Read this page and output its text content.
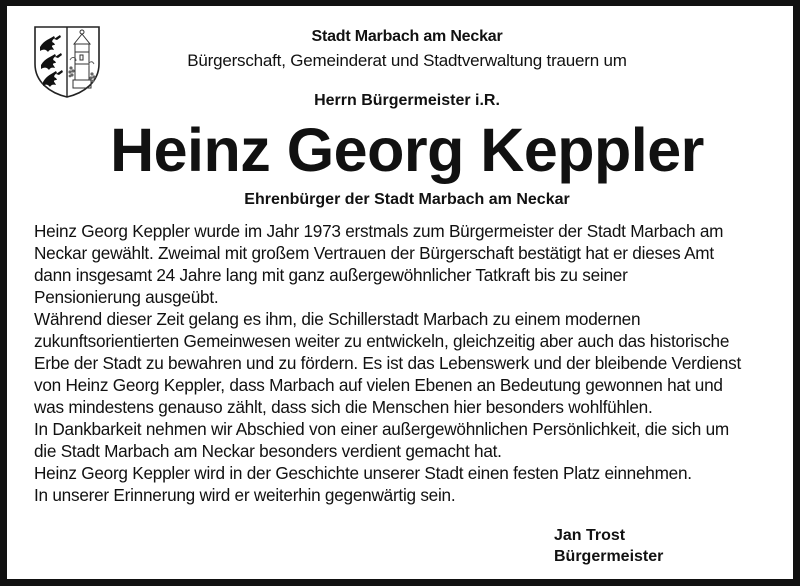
Stadt Marbach am Neckar
Bürgerschaft, Gemeinderat und Stadtverwaltung trauern um
Herrn Bürgermeister i.R.
Heinz Georg Keppler
Ehrenbürger der Stadt Marbach am Neckar

Heinz Georg Keppler wurde im Jahr 1973 erstmals zum Bürgermeister der Stadt Marbach am
Neckar gewählt. Zweimal mit großem Vertrauen der Bürgerschaft bestätigt hat er dieses Amt
dann insgesamt 24 Jahre lang mit ganz außergewöhnlicher Tatkraft bis zu seiner
Pensionierung ausgeübt.

Während dieser Zeit gelang es ihm, die Schillerstadt Marbach zu einem modernen
zukunftsorientierten Gemeinwesen weiter zu entwickeln, gleichzeitig aber auch das historische
Erbe der Stadt zu bewahren und zu fördern. Es ist das Lebenswerk und der bleibende Verdienst
von Heinz Georg Keppler, dass Marbach auf vielen Ebenen an Bedeutung gewonnen hat und
was mindestens genauso zählt, dass sich die Menschen hier besonders wohlfühlen.

In Dankbarkeit nehmen wir Abschied von einer außergewöhnlichen Persönlichkeit, die sich um
die Stadt Marbach am Neckar besonders verdient gemacht hat.

Heinz Georg Keppler wird in der Geschichte unserer Stadt einen festen Platz einnehmen.
In unserer Erinnerung wird er weiterhin gegenwärtig sein.

Jan Trost
Bürgermeister
